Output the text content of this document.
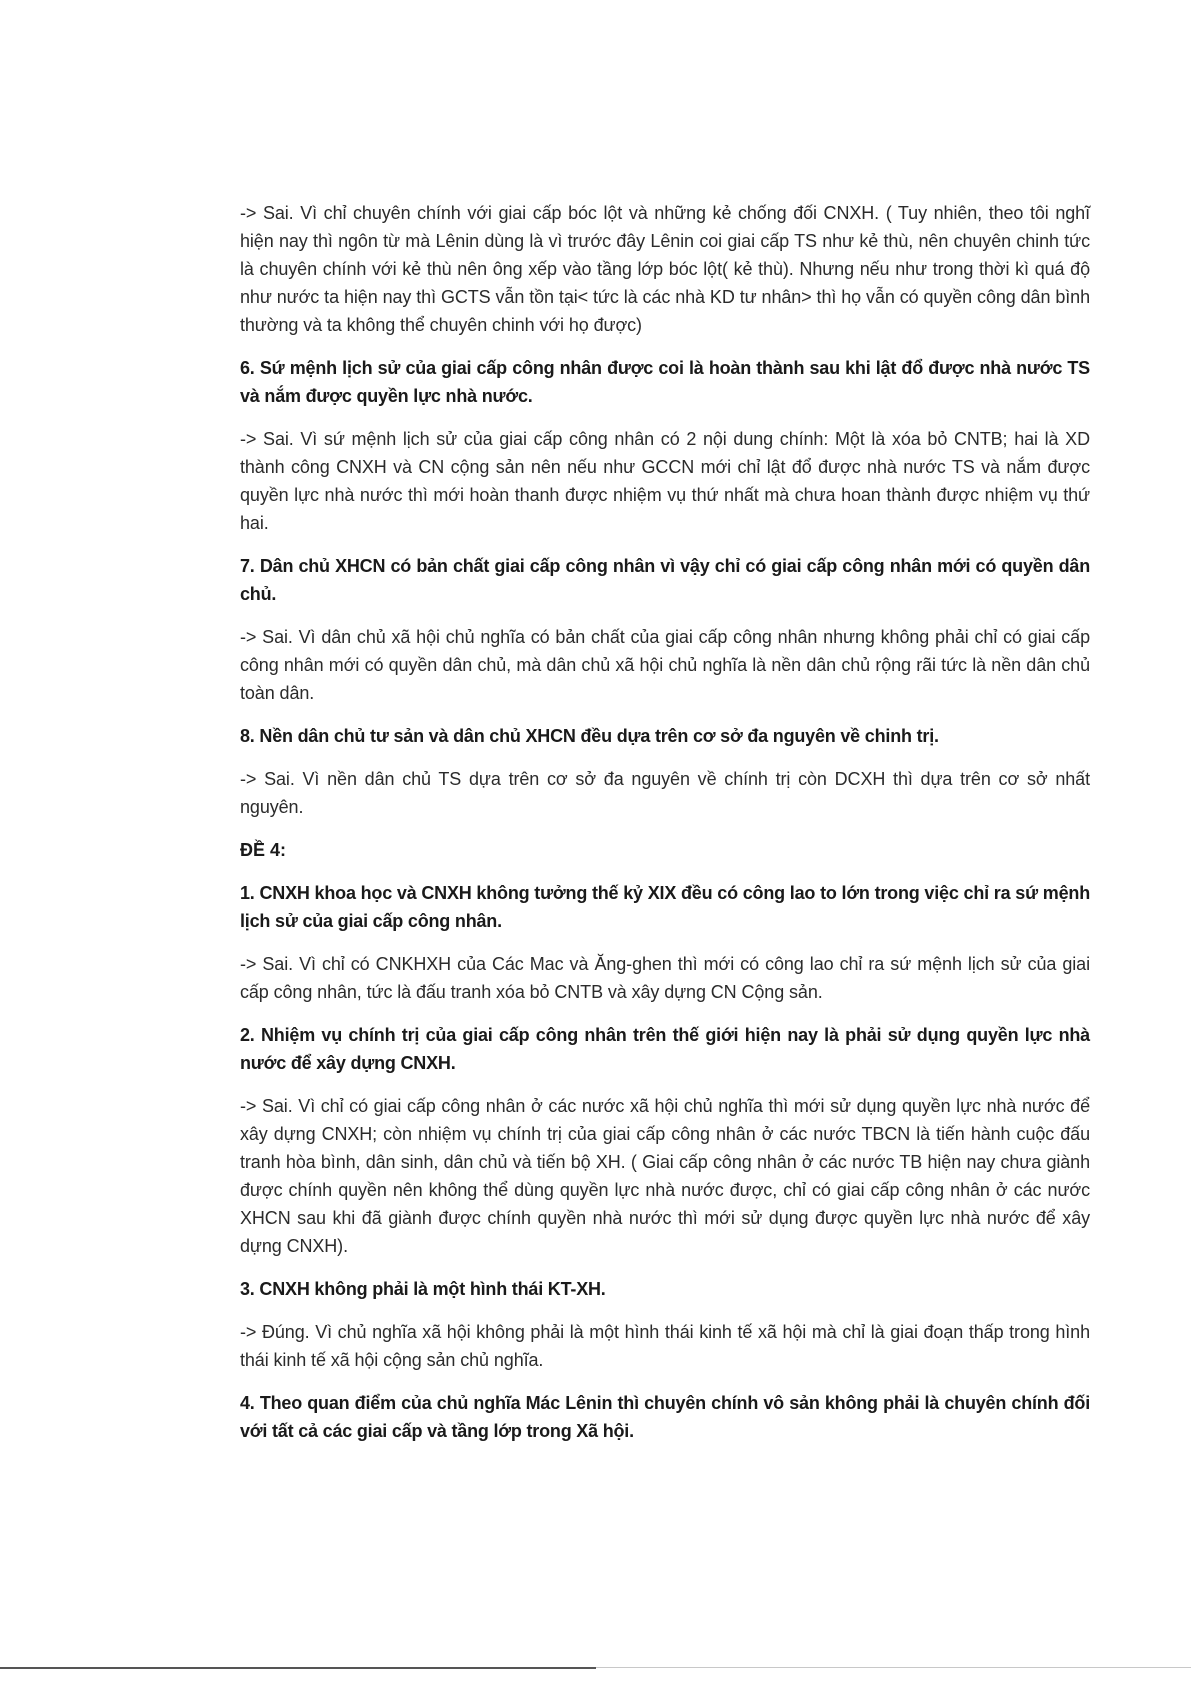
-> Sai. Vì chỉ chuyên chính với giai cấp bóc lột và những kẻ chống đối CNXH. ( Tuy nhiên, theo tôi nghĩ hiện nay thì ngôn từ mà Lênin dùng là vì trước đây Lênin coi giai cấp TS như kẻ thù, nên chuyên chinh tức là chuyên chính với kẻ thù nên ông xếp vào tầng lớp bóc lột( kẻ thù). Nhưng nếu như trong thời kì quá độ như nước ta hiện nay thì GCTS vẫn tồn tại< tức là các nhà KD tư nhân> thì họ vẫn có quyền công dân bình thường và ta không thể chuyên chinh với họ được)

6. Sứ mệnh lịch sử của giai cấp công nhân được coi là hoàn thành sau khi lật đổ được nhà nước TS và nắm được quyền lực nhà nước.

-> Sai. Vì sứ mệnh lịch sử của giai cấp công nhân có 2 nội dung chính: Một là xóa bỏ CNTB; hai là XD thành công CNXH và CN cộng sản nên nếu như GCCN mới chỉ lật đổ được nhà nước TS và nắm được quyền lực nhà nước thì mới hoàn thanh được nhiệm vụ thứ nhất mà chưa hoan thành được nhiệm vụ thứ hai.

7. Dân chủ XHCN có bản chất giai cấp công nhân vì vậy chỉ có giai cấp công nhân mới có quyền dân chủ.

-> Sai. Vì dân chủ xã hội chủ nghĩa có bản chất của giai cấp công nhân nhưng không phải chỉ có giai cấp công nhân mới có quyền dân chủ, mà dân chủ xã hội chủ nghĩa là nền dân chủ rộng rãi tức là nền dân chủ toàn dân.

8. Nền dân chủ tư sản và dân chủ XHCN đều dựa trên cơ sở đa nguyên về chinh trị.

-> Sai. Vì nền dân chủ TS dựa trên cơ sở đa nguyên về chính trị còn DCXH thì dựa trên cơ sở nhất nguyên.

ĐỀ 4:

1. CNXH khoa học và CNXH không tưởng thế kỷ XIX đều có công lao to lớn trong việc chỉ ra sứ mệnh lịch sử của giai cấp công nhân.

-> Sai. Vì chỉ có CNKHXH của Các Mac và Ăng-ghen thì mới có công lao chỉ ra sứ mệnh lịch sử của giai cấp công nhân, tức là đấu tranh xóa bỏ CNTB và xây dựng CN Cộng sản.

2. Nhiệm vụ chính trị của giai cấp công nhân trên thế giới hiện nay là phải sử dụng quyền lực nhà nước để xây dựng CNXH.

-> Sai. Vì chỉ có giai cấp công nhân ở các nước xã hội chủ nghĩa thì mới sử dụng quyền lực nhà nước để xây dựng CNXH; còn nhiệm vụ chính trị của giai cấp công nhân ở các nước TBCN là tiến hành cuộc đấu tranh hòa bình, dân sinh, dân chủ và tiến bộ XH. ( Giai cấp công nhân ở các nước TB hiện nay chưa giành được chính quyền nên không thể dùng quyền lực nhà nước được, chỉ có giai cấp công nhân ở các nước XHCN sau khi đã giành được chính quyền nhà nước thì mới sử dụng được quyền lực nhà nước để xây dựng CNXH).

3. CNXH không phải là một hình thái KT-XH.

-> Đúng. Vì chủ nghĩa xã hội không phải là một hình thái kinh tế xã hội mà chỉ là giai đoạn thấp trong hình thái kinh tế xã hội cộng sản chủ nghĩa.

4. Theo quan điểm của chủ nghĩa Mác Lênin thì chuyên chính vô sản không phải là chuyên chính đối với tất cả các giai cấp và tầng lớp trong Xã hội.
